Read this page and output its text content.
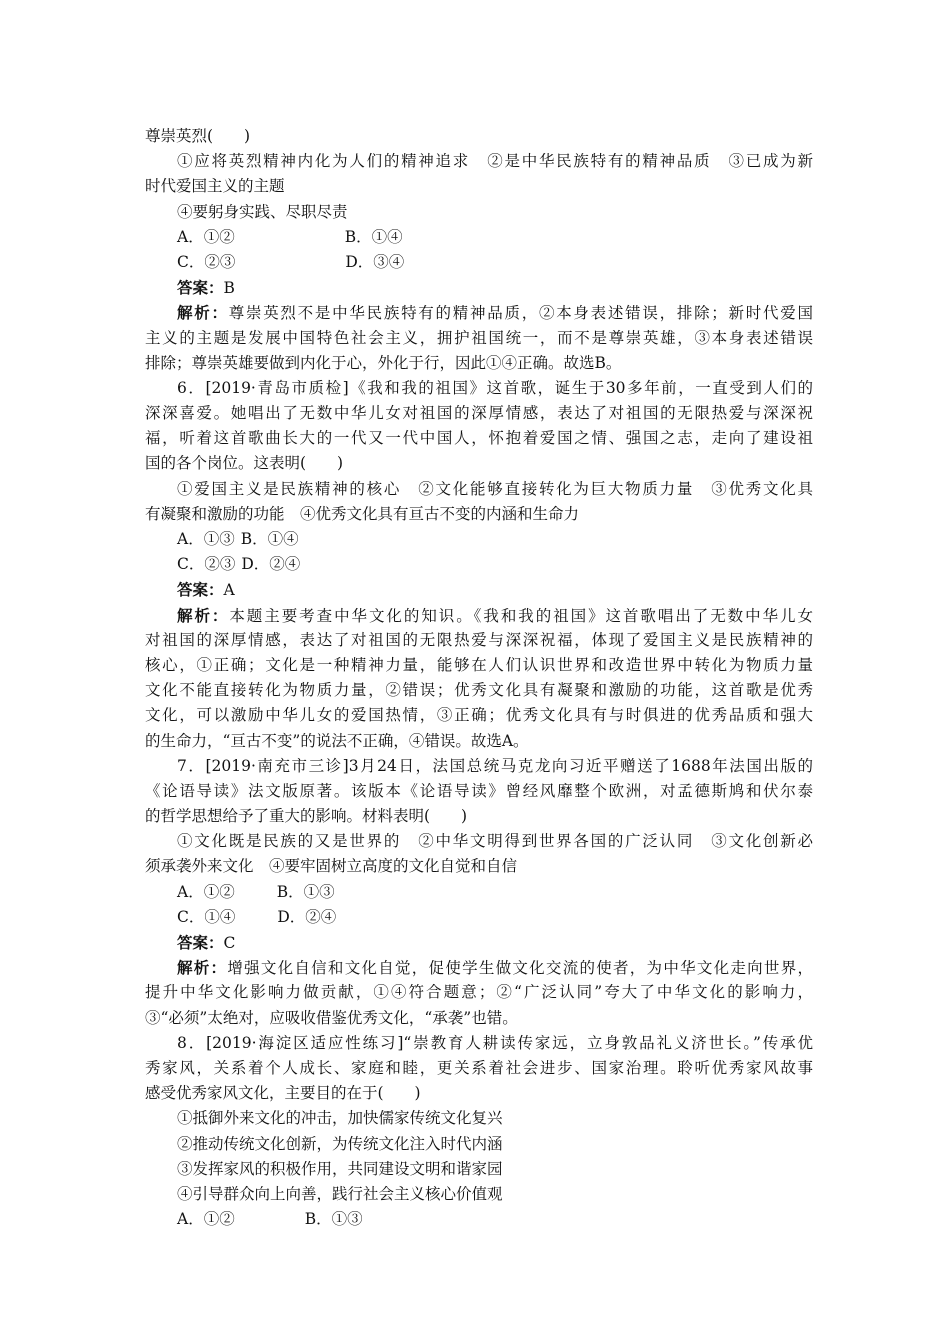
尊崇英烈(　　)
①应将英烈精神内化为人们的精神追求　②是中华民族特有的精神品质　③已成为新
时代爱国主义的主题
④要躬身实践、尽职尽责
A．①②	B．①④
C．②③	D．③④
答案：B
解析：尊崇英烈不是中华民族特有的精神品质，②本身表述错误，排除；新时代爱国
主义的主题是发展中国特色社会主义，拥护祖国统一，而不是尊崇英雄，③本身表述错误
排除；尊崇英雄要做到内化于心，外化于行，因此①④正确。故选B。
6．[2019·青岛市质检]《我和我的祖国》这首歌，诞生于30多年前，一直受到人们的
深深喜爱。她唱出了无数中华儿女对祖国的深厚情感，表达了对祖国的无限热爱与深深祝
福，听着这首歌曲长大的一代又一代中国人，怀抱着爱国之情、强国之志，走向了建设祖
国的各个岗位。这表明(　　)
①爱国主义是民族精神的核心　②文化能够直接转化为巨大物质力量　③优秀文化具
有凝聚和激励的功能　④优秀文化具有亘古不变的内涵和生命力
A．①③ B．①④
C．②③ D．②④
答案：A
解析：本题主要考查中华文化的知识。《我和我的祖国》这首歌唱出了无数中华儿女
对祖国的深厚情感，表达了对祖国的无限热爱与深深祝福，体现了爱国主义是民族精神的
核心，①正确；文化是一种精神力量，能够在人们认识世界和改造世界中转化为物质力量
文化不能直接转化为物质力量，②错误；优秀文化具有凝聚和激励的功能，这首歌是优秀
文化，可以激励中华儿女的爱国热情，③正确；优秀文化具有与时俱进的优秀品质和强大
的生命力，“亘古不变”的说法不正确，④错误。故选A。
7．[2019·南充市三诊]3月24日，法国总统马克龙向习近平赠送了1688年法国出版的
《论语导读》法文版原著。该版本《论语导读》曾经风靡整个欧洲，对孟德斯鸠和伏尔泰
的哲学思想给予了重大的影响。材料表明(　　)
①文化既是民族的又是世界的　②中华文明得到世界各国的广泛认同　③文化创新必
须承袭外来文化　④要牢固树立高度的文化自觉和自信
A．①②	B．①③
C．①④	D．②④
答案：C
解析：增强文化自信和文化自觉，促使学生做文化交流的使者，为中华文化走向世界，
提升中华文化影响力做贡献，①④符合题意；②“广泛认同”夸大了中华文化的影响力，
③“必须”太绝对，应吸收借鉴优秀文化，“承袭”也错。
8．[2019·海淀区适应性练习]“崇教育人耕读传家远，立身敦品礼义济世长。”传承优
秀家风，关系着个人成长、家庭和睦，更关系着社会进步、国家治理。聆听优秀家风故事
感受优秀家风文化，主要目的在于(　　)
①抵御外来文化的冲击，加快儒家传统文化复兴
②推动传统文化创新，为传统文化注入时代内涵
③发挥家风的积极作用，共同建设文明和谐家园
④引导群众向上向善，践行社会主义核心价值观
A．①②	B．①③
